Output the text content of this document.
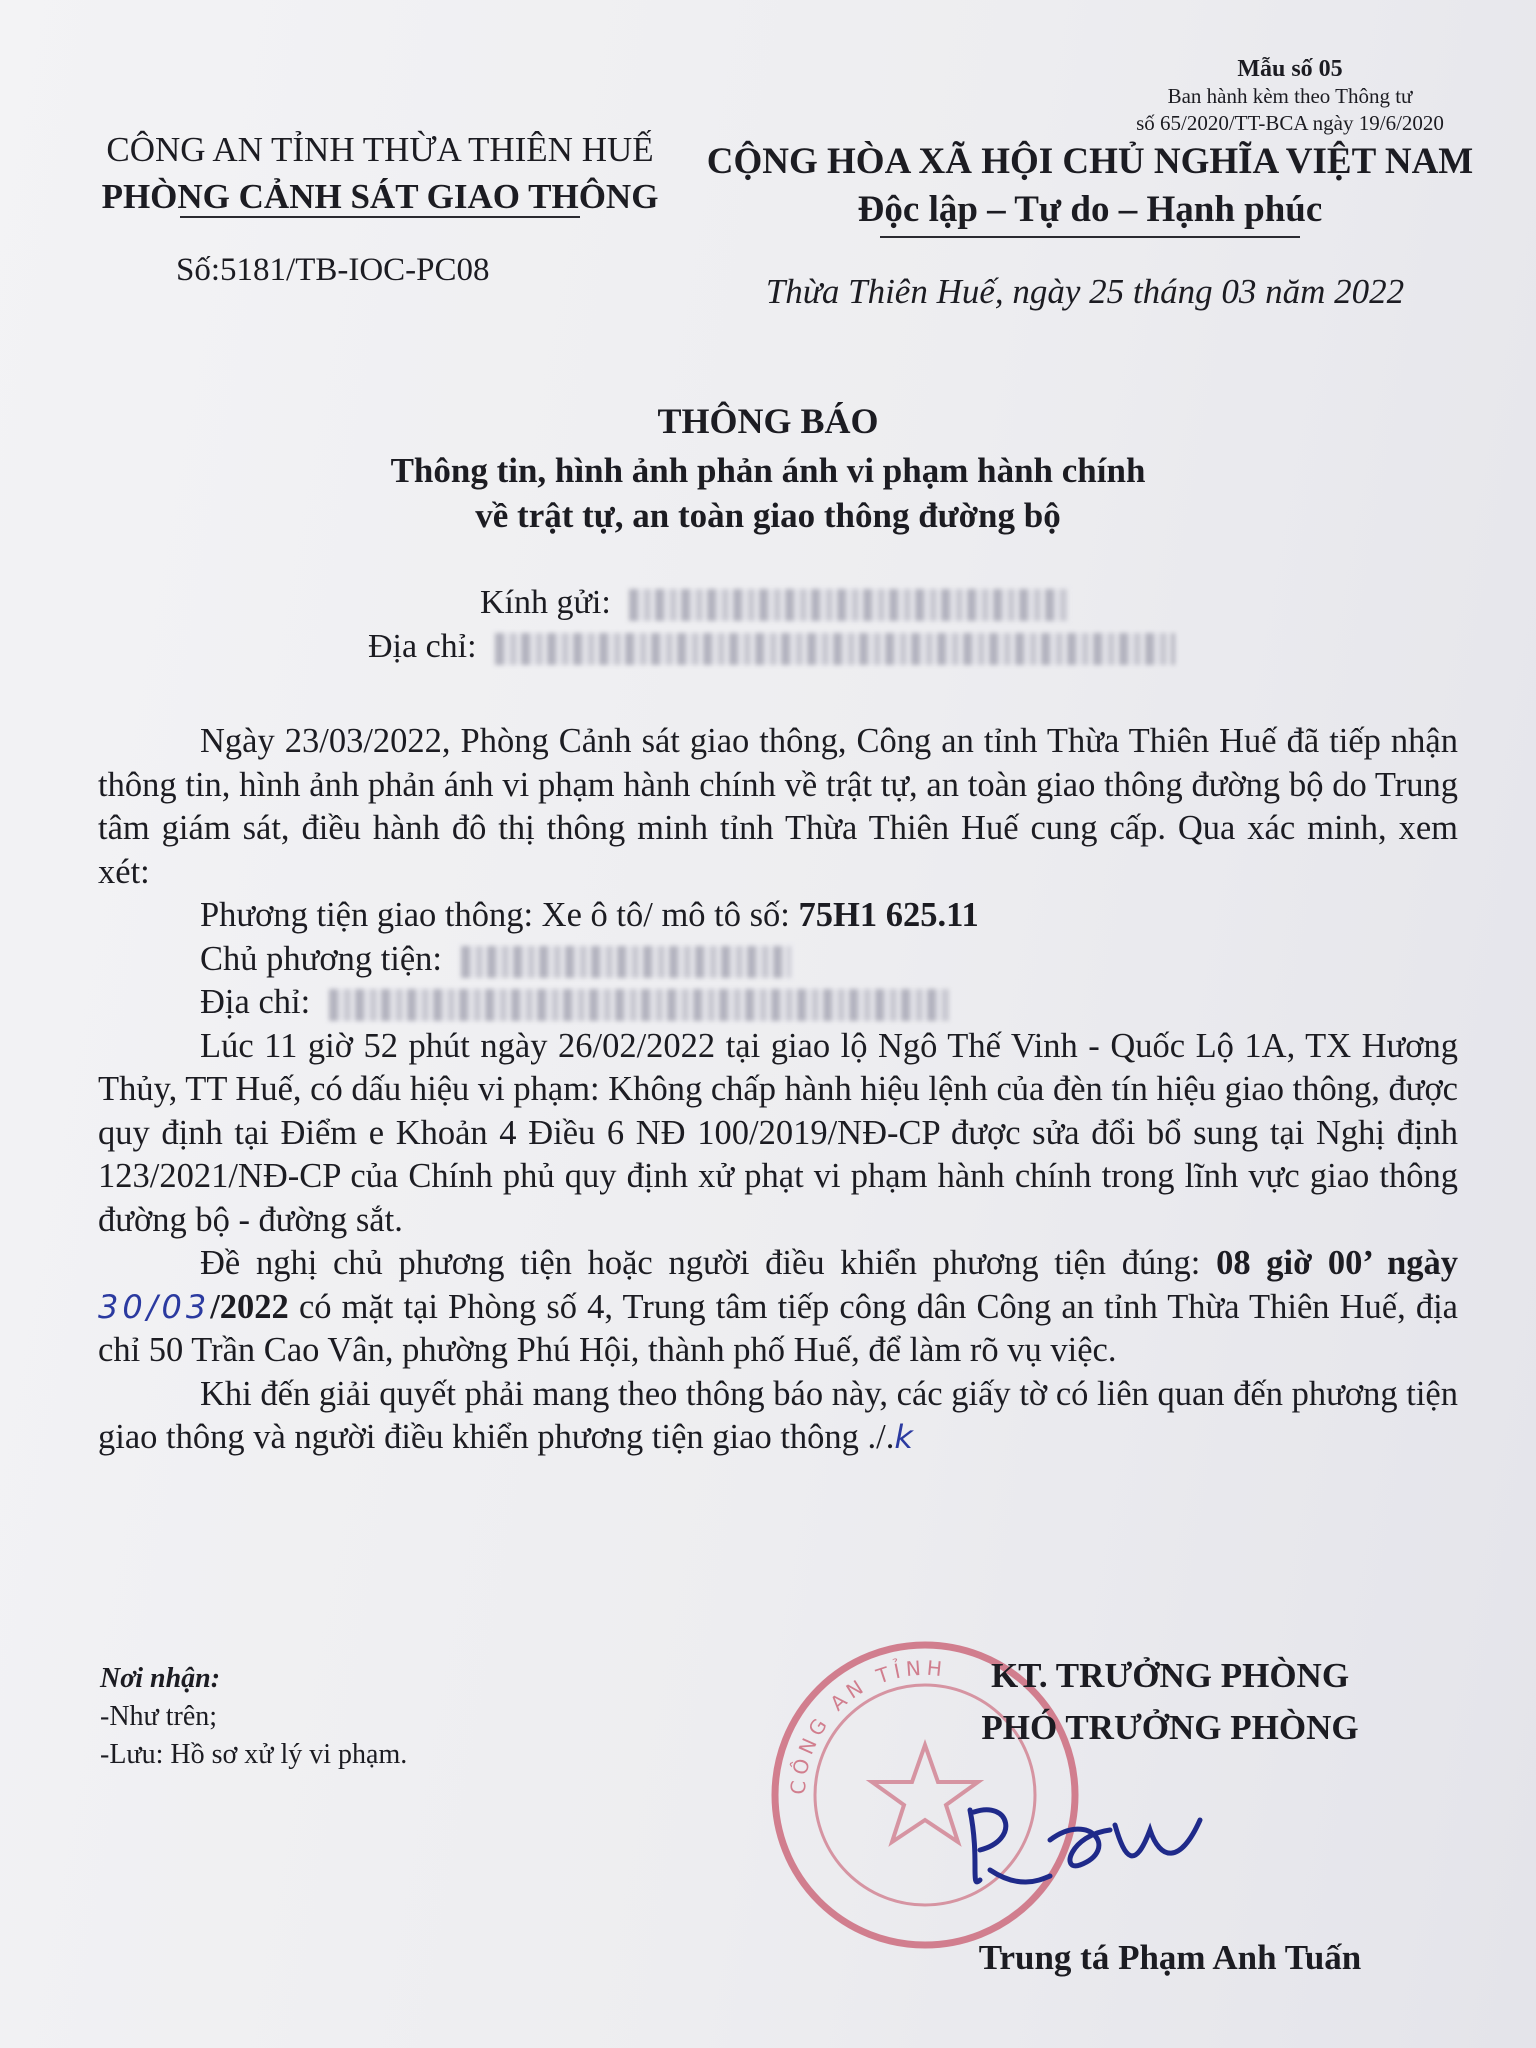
Mẫu số 05
Ban hành kèm theo Thông tư
số 65/2020/TT-BCA ngày 19/6/2020
CÔNG AN TỈNH THỪA THIÊN HUẾ
PHÒNG CẢNH SÁT GIAO THÔNG
CỘNG HÒA XÃ HỘI CHỦ NGHĨA VIỆT NAM
Độc lập – Tự do – Hạnh phúc
Số:5181/TB-IOC-PC08
Thừa Thiên Huế, ngày 25 tháng 03 năm 2022
THÔNG BÁO
Thông tin, hình ảnh phản ánh vi phạm hành chính
về trật tự, an toàn giao thông đường bộ
Kính gửi:
Địa chỉ:

Ngày 23/03/2022, Phòng Cảnh sát giao thông, Công an tỉnh Thừa Thiên Huế đã tiếp nhận thông tin, hình ảnh phản ánh vi phạm hành chính về trật tự, an toàn giao thông đường bộ do Trung tâm giám sát, điều hành đô thị thông minh tỉnh Thừa Thiên Huế cung cấp. Qua xác minh, xem xét:

Phương tiện giao thông: Xe ô tô/ mô tô số: 75H1 625.11

Chủ phương tiện:

Địa chỉ:

Lúc 11 giờ 52 phút ngày 26/02/2022 tại giao lộ Ngô Thế Vinh - Quốc Lộ 1A, TX Hương Thủy, TT Huế, có dấu hiệu vi phạm: Không chấp hành hiệu lệnh của đèn tín hiệu giao thông, được quy định tại Điểm e Khoản 4 Điều 6 NĐ 100/2019/NĐ-CP được sửa đổi bổ sung tại Nghị định 123/2021/NĐ-CP của Chính phủ quy định xử phạt vi phạm hành chính trong lĩnh vực giao thông đường bộ - đường sắt.

Đề nghị chủ phương tiện hoặc người điều khiển phương tiện đúng: 08 giờ 00’ ngày 30/03/2022 có mặt tại Phòng số 4, Trung tâm tiếp công dân Công an tỉnh Thừa Thiên Huế, địa chỉ 50 Trần Cao Vân, phường Phú Hội, thành phố Huế, để làm rõ vụ việc.

Khi đến giải quyết phải mang theo thông báo này, các giấy tờ có liên quan đến phương tiện giao thông và người điều khiển phương tiện giao thông ./.k

Nơi nhận:
-Như trên;
-Lưu: Hồ sơ xử lý vi phạm.
CÔNG AN TỈNH	KT. TRƯỞNG PHÒNG
PHÓ TRƯỞNG PHÒNG
Trung tá Phạm Anh Tuấn
